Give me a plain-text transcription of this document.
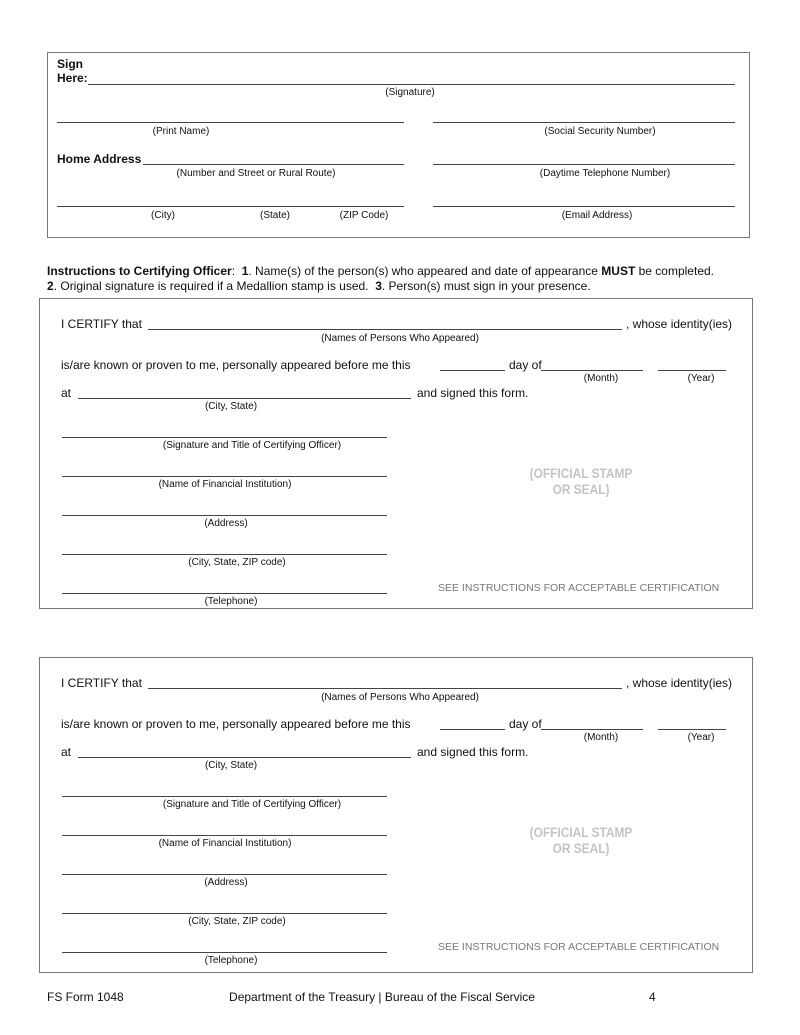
Sign
Here:
(Signature)
(Print Name)	(Social Security Number)
Home Address
(Number and Street or Rural Route)	(Daytime Telephone Number)
(City)	(State)	(ZIP Code)	(Email Address)
Instructions to Certifying Officer:  1. Name(s) of the person(s) who appeared and date of appearance MUST be completed.
2. Original signature is required if a Medallion stamp is used.  3. Person(s) must sign in your presence.
I CERTIFY that	, whose identity(ies)
(Names of Persons Who Appeared)
is/are known or proven to me, personally appeared before me this	day of
(Month)	(Year)
at	and signed this form.
(City, State)
(Signature and Title of Certifying Officer)
(Name of Financial Institution)
(Address)
(City, State, ZIP code)
(Telephone)
(OFFICIAL STAMP
OR SEAL)
SEE INSTRUCTIONS FOR ACCEPTABLE CERTIFICATION
I CERTIFY that	, whose identity(ies)
(Names of Persons Who Appeared)
is/are known or proven to me, personally appeared before me this	day of
(Month)	(Year)
at	and signed this form.
(City, State)
(Signature and Title of Certifying Officer)
(Name of Financial Institution)
(Address)
(City, State, ZIP code)
(Telephone)
(OFFICIAL STAMP
OR SEAL)
SEE INSTRUCTIONS FOR ACCEPTABLE CERTIFICATION
FS Form 1048	Department of the Treasury | Bureau of the Fiscal Service	4
